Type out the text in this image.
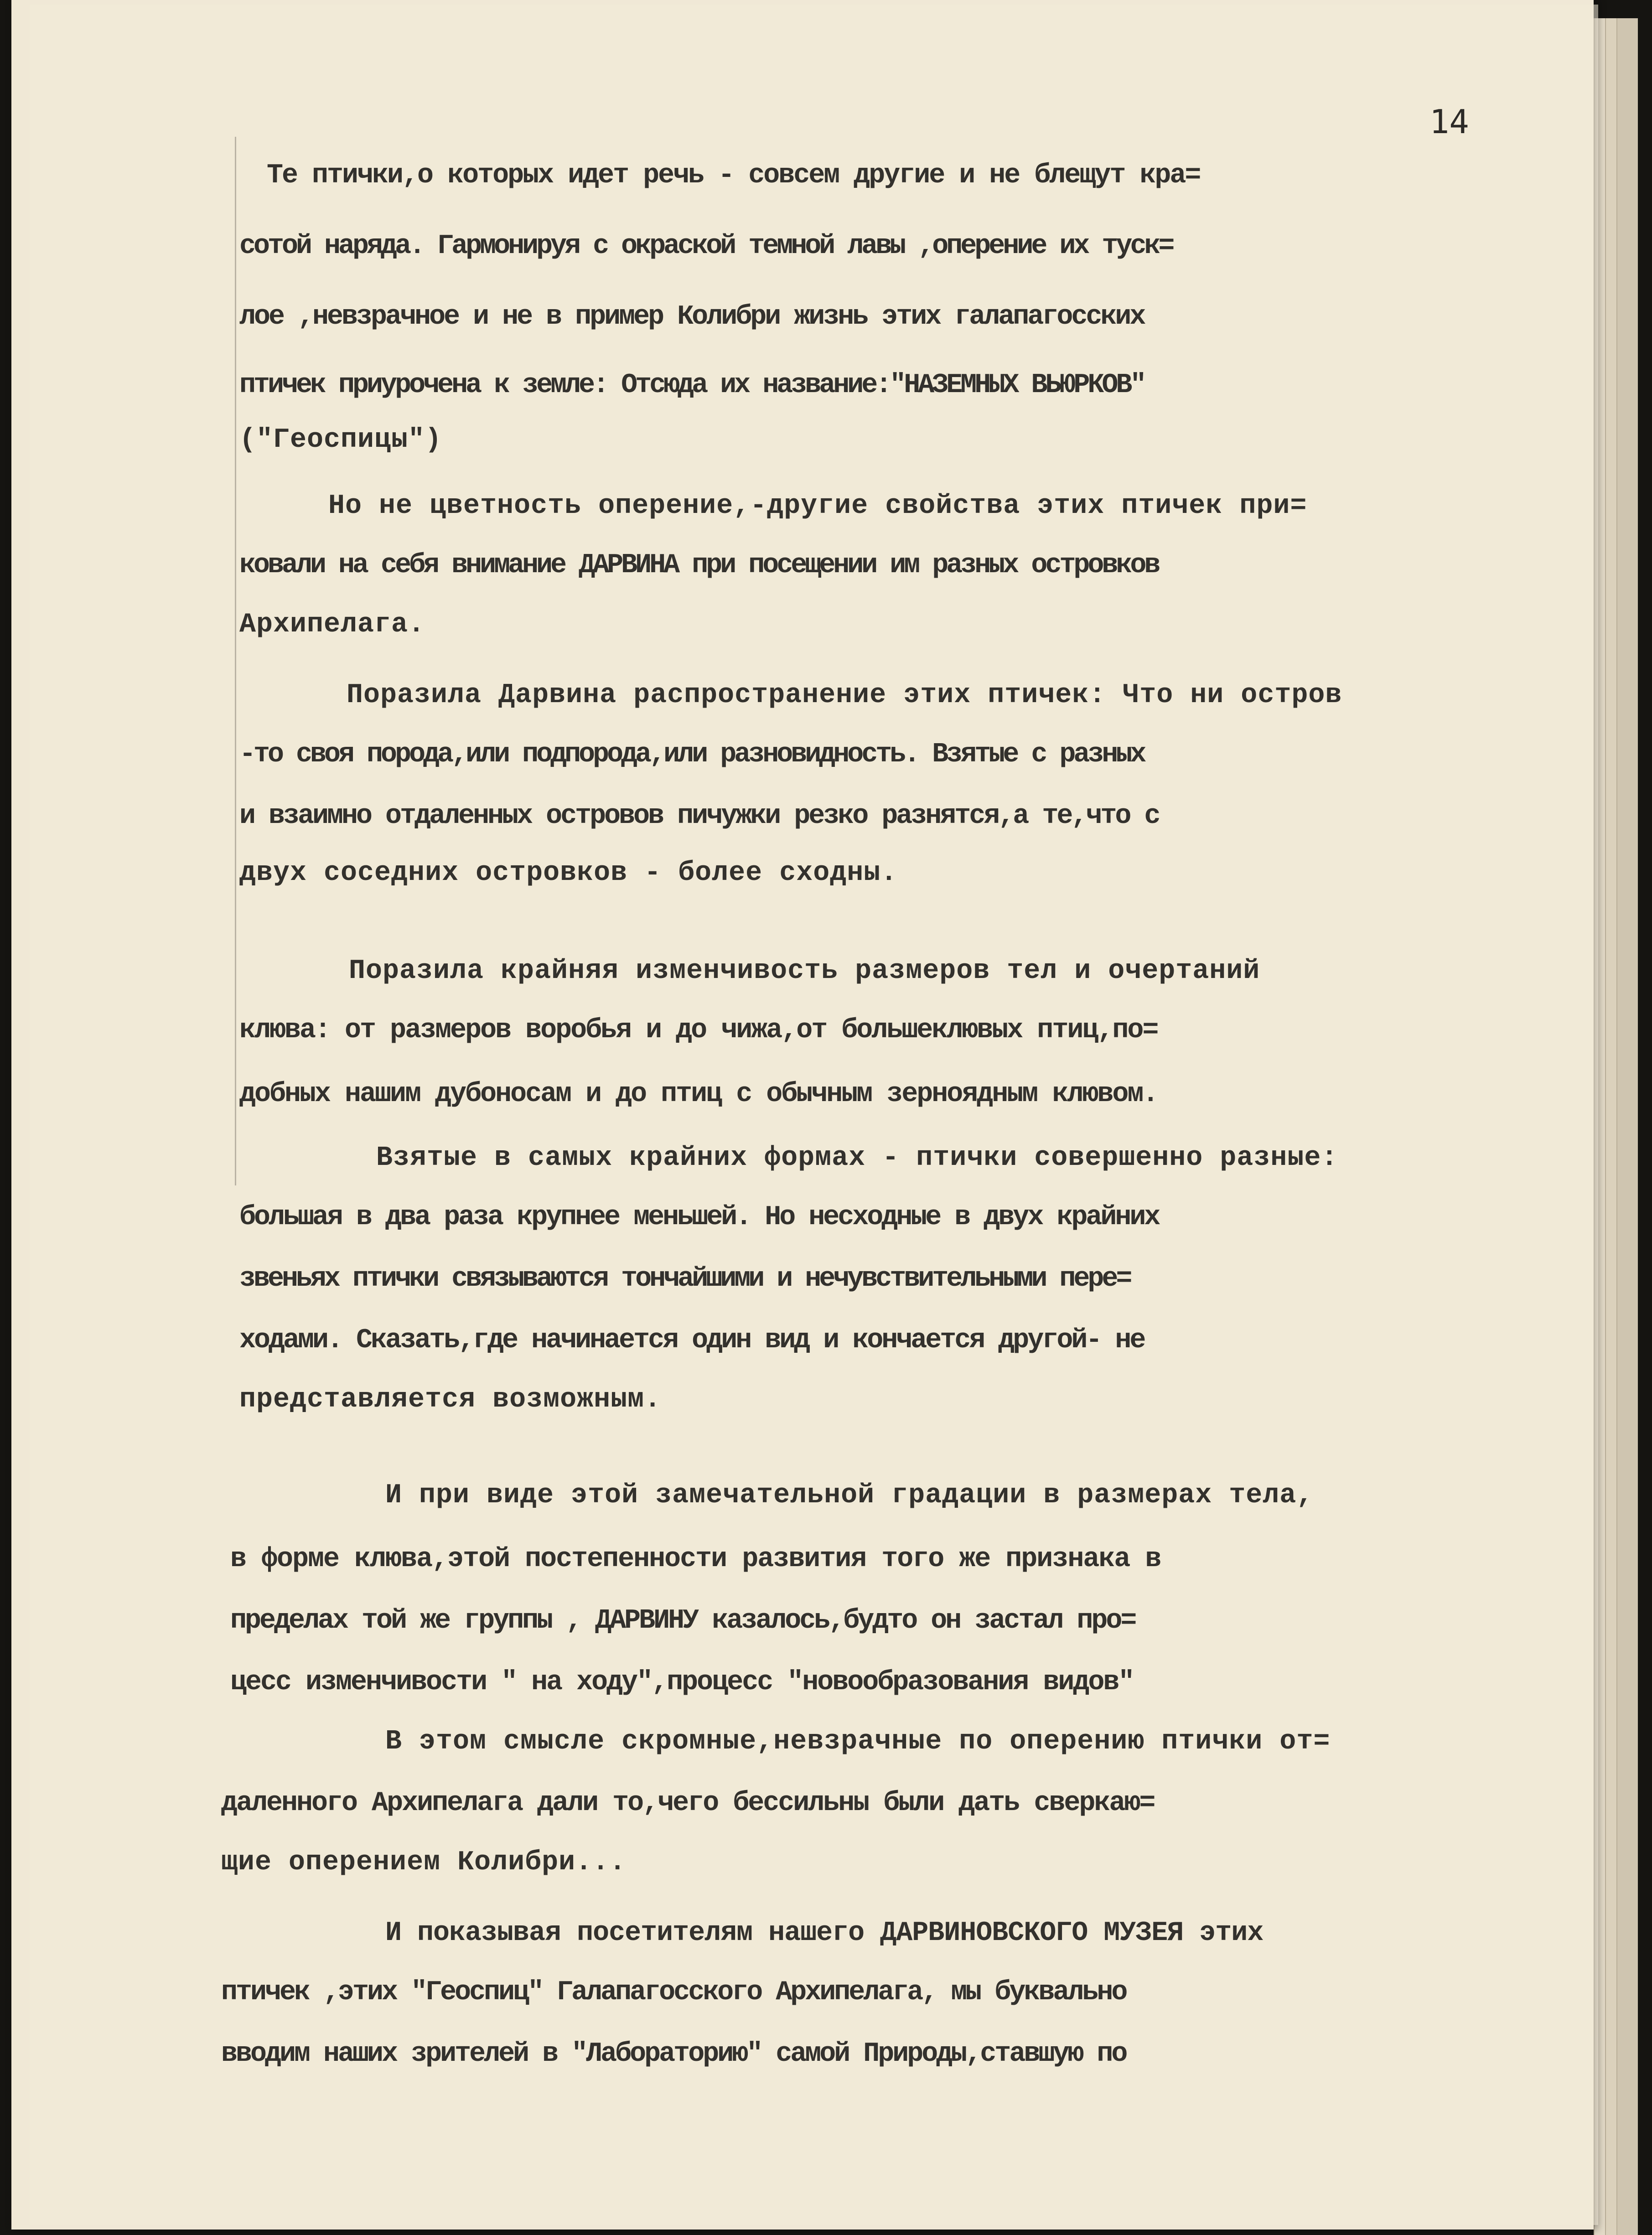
14
Те птички,о которых идет речь - совсем другие и не блещут кра=
сотой наряда. Гармонируя с окраской темной лавы ,оперение их туск=
лое ,невзрачное и не в пример Колибри жизнь этих галапагосских
птичек приурочена к земле: Отсюда их название:"НАЗЕМНЫХ ВЬЮРКОВ"
("Геоспицы")
Но не цветность оперение,-другие свойства этих птичек при=
ковали на себя внимание ДАРВИНА при посещении им разных островков
Архипелага.
Поразила Дарвина распространение этих птичек: Что ни остров
-то своя порода,или подпорода,или разновидность. Взятые с разных
и взаимно отдаленных островов пичужки резко разнятся,а те,что с
двух соседних островков - более сходны.
Поразила крайняя изменчивость размеров тел и очертаний
клюва: от размеров воробья и до чижа,от большеклювых птиц,по=
добных нашим дубоносам и до птиц с обычным зерноядным клювом.
Взятые в самых крайних формах - птички совершенно разные:
большая в два раза крупнее меньшей. Но несходные в двух крайних
звеньях птички связываются тончайшими и нечувствительными пере=
ходами. Сказать,где начинается один вид и кончается другой- не
представляется возможным.
И при виде этой замечательной градации в размерах тела,
в форме клюва,этой постепенности развития того же признака в
пределах той же группы , ДАРВИНУ казалось,будто он застал про=
цесс изменчивости " на ходу",процесс "новообразования видов"
В этом смысле скромные,невзрачные по оперению птички от=
даленного Архипелага дали то,чего бессильны были дать сверкаю=
щие оперением Колибри...
И показывая посетителям нашего ДАРВИНОВСКОГО МУЗЕЯ этих
птичек ,этих "Геоспиц" Галапагосского Архипелага, мы буквально
вводим наших зрителей в "Лабораторию" самой Природы,ставшую по
